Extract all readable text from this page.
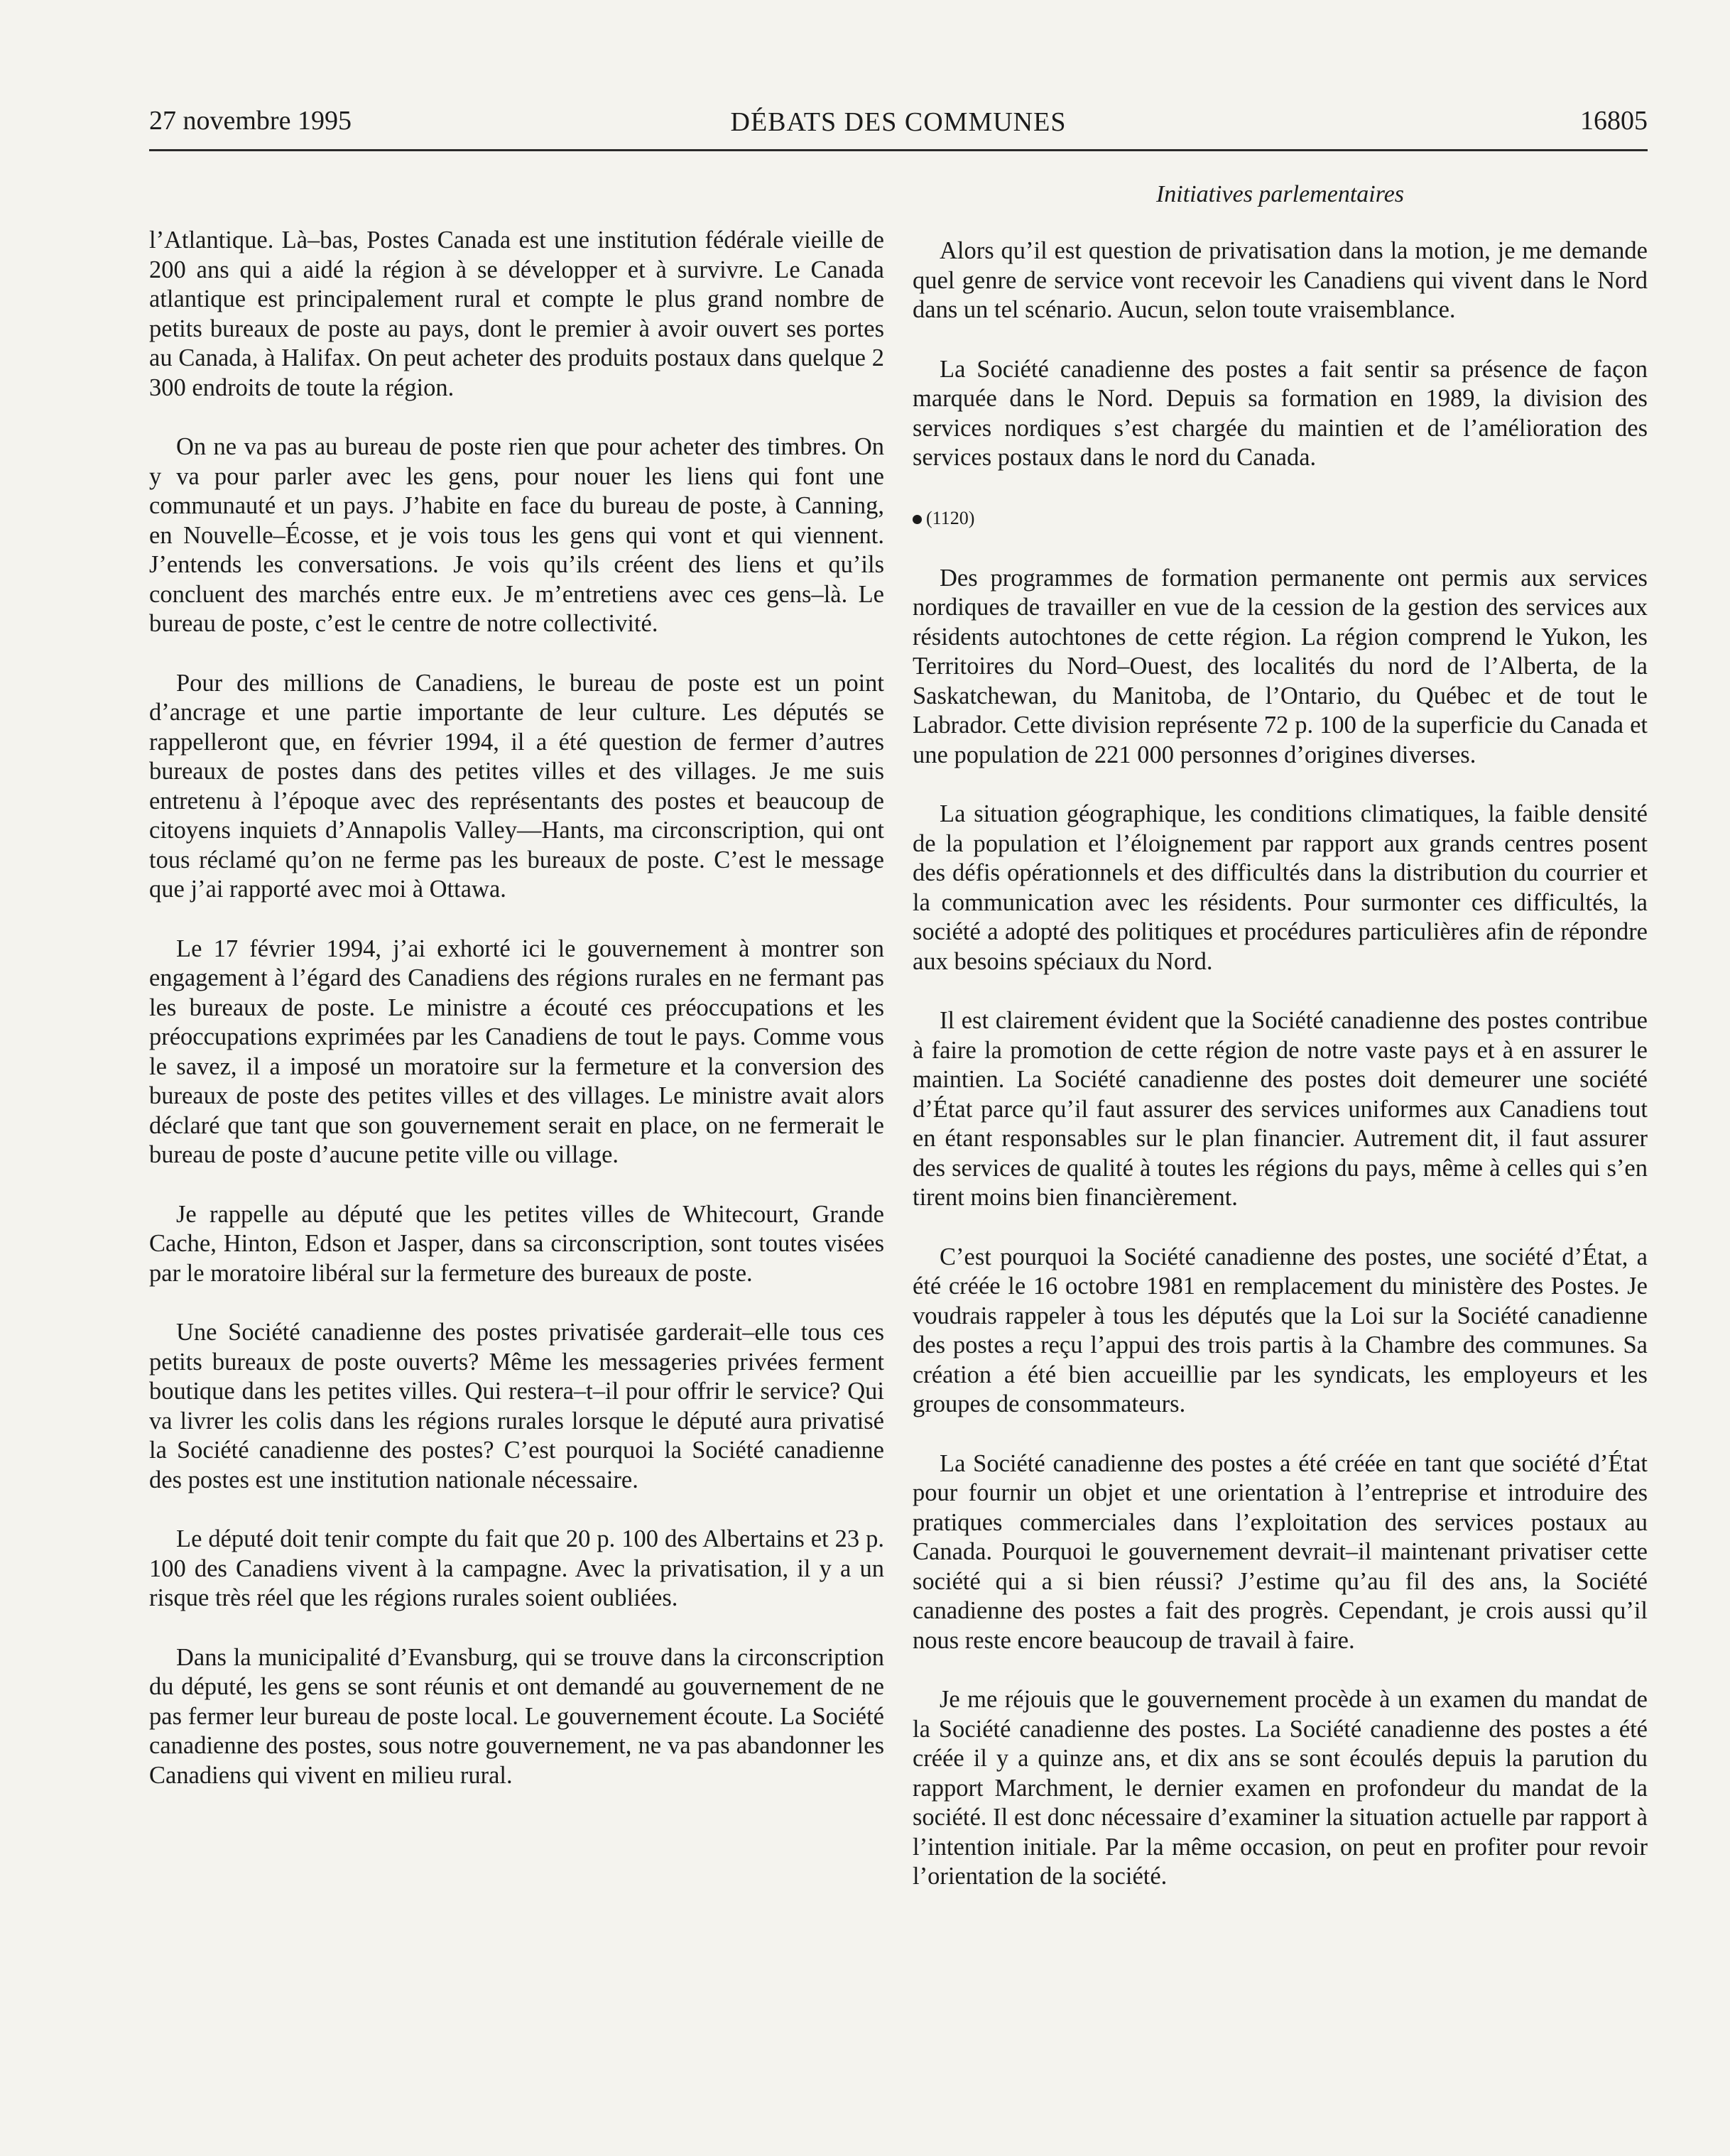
27 novembre 1995	DÉBATS DES COMMUNES	16805
Initiatives parlementaires

l’Atlantique. Là–bas, Postes Canada est une institution fédérale vieille de 200 ans qui a aidé la région à se développer et à survivre. Le Canada atlantique est principalement rural et compte le plus grand nombre de petits bureaux de poste au pays, dont le premier à avoir ouvert ses portes au Canada, à Halifax. On peut acheter des produits postaux dans quelque 2 300 endroits de toute la région.

On ne va pas au bureau de poste rien que pour acheter des timbres. On y va pour parler avec les gens, pour nouer les liens qui font une communauté et un pays. J’habite en face du bureau de poste, à Canning, en Nouvelle–Écosse, et je vois tous les gens qui vont et qui viennent. J’entends les conversations. Je vois qu’ils créent des liens et qu’ils concluent des marchés entre eux. Je m’entretiens avec ces gens–là. Le bureau de poste, c’est le centre de notre collectivité.

Pour des millions de Canadiens, le bureau de poste est un point d’ancrage et une partie importante de leur culture. Les députés se rappelleront que, en février 1994, il a été question de fermer d’autres bureaux de postes dans des petites villes et des villages. Je me suis entretenu à l’époque avec des représentants des postes et beaucoup de citoyens inquiets d’Annapolis Valley—Hants, ma circonscription, qui ont tous réclamé qu’on ne ferme pas les bureaux de poste. C’est le message que j’ai rapporté avec moi à Ottawa.

Le 17 février 1994, j’ai exhorté ici le gouvernement à montrer son engagement à l’égard des Canadiens des régions rurales en ne fermant pas les bureaux de poste. Le ministre a écouté ces préoccupations et les préoccupations exprimées par les Canadiens de tout le pays. Comme vous le savez, il a imposé un moratoire sur la fermeture et la conversion des bureaux de poste des petites villes et des villages. Le ministre avait alors déclaré que tant que son gouvernement serait en place, on ne fermerait le bureau de poste d’aucune petite ville ou village.

Je rappelle au député que les petites villes de Whitecourt, Grande Cache, Hinton, Edson et Jasper, dans sa circonscription, sont toutes visées par le moratoire libéral sur la fermeture des bureaux de poste.

Une Société canadienne des postes privatisée garderait–elle tous ces petits bureaux de poste ouverts? Même les messageries privées ferment boutique dans les petites villes. Qui restera–t–il pour offrir le service? Qui va livrer les colis dans les régions rurales lorsque le député aura privatisé la Société canadienne des postes? C’est pourquoi la Société canadienne des postes est une institution nationale nécessaire.

Le député doit tenir compte du fait que 20 p. 100 des Albertains et 23 p. 100 des Canadiens vivent à la campagne. Avec la privatisation, il y a un risque très réel que les régions rurales soient oubliées.

Dans la municipalité d’Evansburg, qui se trouve dans la circonscription du député, les gens se sont réunis et ont demandé au gouvernement de ne pas fermer leur bureau de poste local. Le gouvernement écoute. La Société canadienne des postes, sous notre gouvernement, ne va pas abandonner les Canadiens qui vivent en milieu rural.

Alors qu’il est question de privatisation dans la motion, je me demande quel genre de service vont recevoir les Canadiens qui vivent dans le Nord dans un tel scénario. Aucun, selon toute vraisemblance.

La Société canadienne des postes a fait sentir sa présence de façon marquée dans le Nord. Depuis sa formation en 1989, la division des services nordiques s’est chargée du maintien et de l’amélioration des services postaux dans le nord du Canada.

(1120)

Des programmes de formation permanente ont permis aux services nordiques de travailler en vue de la cession de la gestion des services aux résidents autochtones de cette région. La région comprend le Yukon, les Territoires du Nord–Ouest, des localités du nord de l’Alberta, de la Saskatchewan, du Manitoba, de l’Ontario, du Québec et de tout le Labrador. Cette division représente 72 p. 100 de la superficie du Canada et une population de 221 000 personnes d’origines diverses.

La situation géographique, les conditions climatiques, la faible densité de la population et l’éloignement par rapport aux grands centres posent des défis opérationnels et des difficultés dans la distribution du courrier et la communication avec les résidents. Pour surmonter ces difficultés, la société a adopté des politiques et procédures particulières afin de répondre aux besoins spéciaux du Nord.

Il est clairement évident que la Société canadienne des postes contribue à faire la promotion de cette région de notre vaste pays et à en assurer le maintien. La Société canadienne des postes doit demeurer une société d’État parce qu’il faut assurer des services uniformes aux Canadiens tout en étant responsables sur le plan financier. Autrement dit, il faut assurer des services de qualité à toutes les régions du pays, même à celles qui s’en tirent moins bien financièrement.

C’est pourquoi la Société canadienne des postes, une société d’État, a été créée le 16 octobre 1981 en remplacement du ministère des Postes. Je voudrais rappeler à tous les députés que la Loi sur la Société canadienne des postes a reçu l’appui des trois partis à la Chambre des communes. Sa création a été bien accueillie par les syndicats, les employeurs et les groupes de consommateurs.

La Société canadienne des postes a été créée en tant que société d’État pour fournir un objet et une orientation à l’entreprise et introduire des pratiques commerciales dans l’exploitation des services postaux au Canada. Pourquoi le gouvernement devrait–il maintenant privatiser cette société qui a si bien réussi? J’estime qu’au fil des ans, la Société canadienne des postes a fait des progrès. Cependant, je crois aussi qu’il nous reste encore beaucoup de travail à faire.

Je me réjouis que le gouvernement procède à un examen du mandat de la Société canadienne des postes. La Société canadienne des postes a été créée il y a quinze ans, et dix ans se sont écoulés depuis la parution du rapport Marchment, le dernier examen en profondeur du mandat de la société. Il est donc nécessaire d’examiner la situation actuelle par rapport à l’intention initiale. Par la même occasion, on peut en profiter pour revoir l’orientation de la société.
